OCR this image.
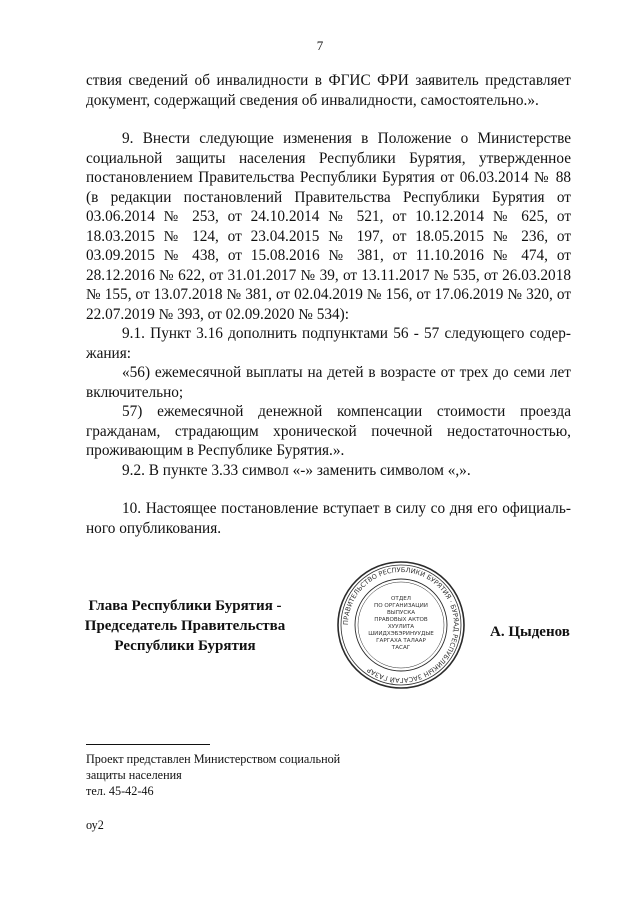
7

ствия сведений об инвалидности в ФГИС ФРИ заявитель представляет документ, содержащий сведения об инвалидности, самостоятельно.».

9. Внести следующие изменения в Положение о Министерстве социальной защиты населения Республики Бурятия, утвержденное постановлением Правительства Республики Бурятия от 06.03.2014 № 88 (в редакции постановлений Правительства Республики Бурятия от 03.06.2014 № 253, от 24.10.2014 № 521, от 10.12.2014 № 625, от 18.03.2015 № 124, от 23.04.2015 № 197, от 18.05.2015 № 236, от 03.09.2015 № 438, от 15.08.2016 № 381, от 11.10.2016 № 474, от 28.12.2016 № 622, от 31.01.2017 № 39, от 13.11.2017 № 535, от 26.03.2018 № 155, от 13.07.2018 № 381, от 02.04.2019 № 156, от 17.06.2019 № 320, от 22.07.2019 № 393, от 02.09.2020 № 534):

9.1. Пункт 3.16 дополнить подпунктами 56 - 57 следующего содержания:

«56) ежемесячной выплаты на детей в возрасте от трех до семи лет включительно;

57) ежемесячной денежной компенсации стоимости проезда гражданам, страдающим хронической почечной недостаточностью, проживающим в Республике Бурятия.».

9.2. В пункте 3.33 символ «-» заменить символом «,».

10. Настоящее постановление вступает в силу со дня его официального опубликования.

Глава Республики Бурятия -
Председатель Правительства
Республики Бурятия
ПРАВИТЕЛЬСТВО РЕСПУБЛИКИ БУРЯТИЯ · БУРЯАД РЕСПУБЛИКЫН ЗАСАГАЙ ГАЗАР
ОТДЕЛ
ПО ОРГАНИЗАЦИИ
ВЫПУСКА
ПРАВОВЫХ АКТОВ
ХУУЛИТА
ШИИДХЭБЭРИНУУДЫЕ
ГАРГАХА ТАЛААР
ТАСАГ
А. Цыденов
Проект представлен Министерством социальной
защиты населения
тел. 45-42-46
оу2
